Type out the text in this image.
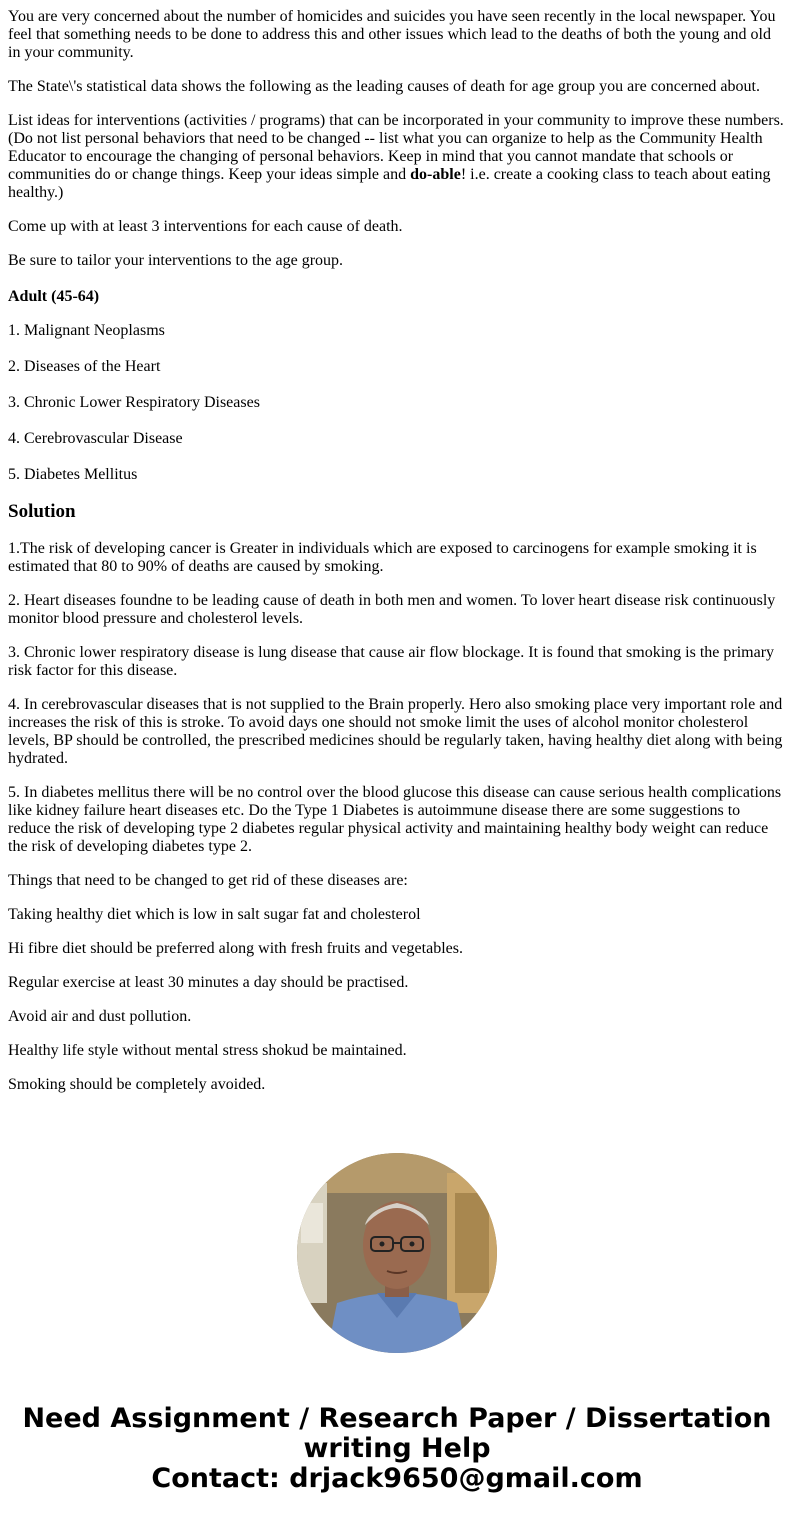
You are very concerned about the number of homicides and suicides you have seen recently in the local newspaper. You feel that something needs to be done to address this and other issues which lead to the deaths of both the young and old in your community.

The State\'s statistical data shows the following as the leading causes of death for age group you are concerned about.

List ideas for interventions (activities / programs) that can be incorporated in your community to improve these numbers. (Do not list personal behaviors that need to be changed -- list what you can organize to help as the Community Health Educator to encourage the changing of personal behaviors. Keep in mind that you cannot mandate that schools or communities do or change things. Keep your ideas simple and do-able! i.e. create a cooking class to teach about eating healthy.)

Come up with at least 3 interventions for each cause of death.

Be sure to tailor your interventions to the age group.

Adult (45-64)

1. Malignant Neoplasms

2. Diseases of the Heart

3. Chronic Lower Respiratory Diseases

4. Cerebrovascular Disease

5. Diabetes Mellitus

Solution

1.The risk of developing cancer is Greater in individuals which are exposed to carcinogens for example smoking it is estimated that 80 to 90% of deaths are caused by smoking.

2. Heart diseases foundne to be leading cause of death in both men and women. To lover heart disease risk continuously monitor blood pressure and cholesterol levels.

3. Chronic lower respiratory disease is lung disease that cause air flow blockage. It is found that smoking is the primary risk factor for this disease.

4. In cerebrovascular diseases that is not supplied to the Brain properly. Hero also smoking place very important role and increases the risk of this is stroke. To avoid days one should not smoke limit the uses of alcohol monitor cholesterol levels, BP should be controlled, the prescribed medicines should be regularly taken, having healthy diet along with being hydrated.

5. In diabetes mellitus there will be no control over the blood glucose this disease can cause serious health complications like kidney failure heart diseases etc. Do the Type 1 Diabetes is autoimmune disease there are some suggestions to reduce the risk of developing type 2 diabetes regular physical activity and maintaining healthy body weight can reduce the risk of developing diabetes type 2.

Things that need to be changed to get rid of these diseases are:

Taking healthy diet which is low in salt sugar fat and cholesterol

Hi fibre diet should be preferred along with fresh fruits and vegetables.

Regular exercise at least 30 minutes a day should be practised.

Avoid air and dust pollution.

Healthy life style without mental stress shokud be maintained.

Smoking should be completely avoided.

Need Assignment / Research Paper / Dissertation
writing Help
Contact: drjack9650@gmail.com
